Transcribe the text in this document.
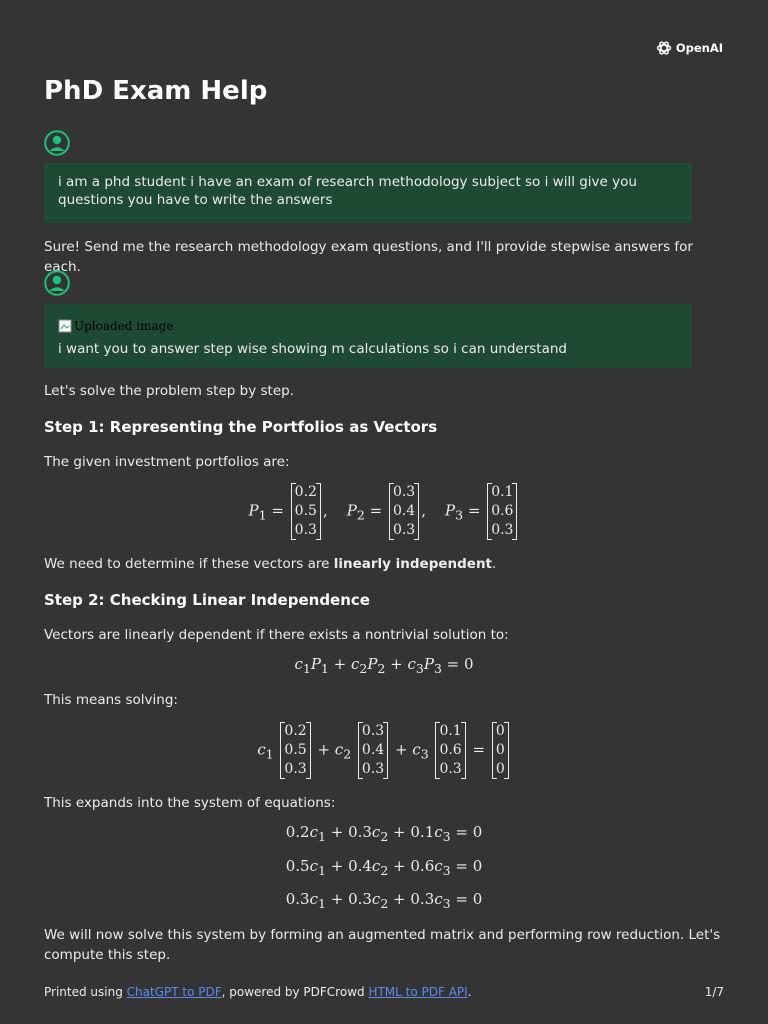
OpenAI
PhD Exam Help
i am a phd student i have an exam of research methodology subject so i will give you questions you have to write the answers

Sure! Send me the research methodology exam questions, and I'll provide stepwise answers for each.

Uploaded image
i want you to answer step wise showing m calculations so i can understand

Let's solve the problem step by step.

Step 1: Representing the Portfolios as Vectors

The given investment portfolios are:

$P_1$ =
0.2
0.5
0.3
,    $P_2$ =
0.3
0.4
0.3
,    $P_3$ =
0.1
0.6
0.3

We need to determine if these vectors are linearly independent.

Step 2: Checking Linear Independence

Vectors are linearly dependent if there exists a nontrivial solution to:

$c_1P_1 + c_2P_2 + c_3P_3 = 0$

This means solving:

$c_1$
0.2
0.5
0.3
+ $c_2$
0.3
0.4
0.3
+ $c_3$
0.1
0.6
0.3
=
0
0
0

This expands into the system of equations:

$0.2c_1 + 0.3c_2 + 0.1c_3 = 0$
$0.5c_1 + 0.4c_2 + 0.6c_3 = 0$
$0.3c_1 + 0.3c_2 + 0.3c_3 = 0$

We will now solve this system by forming an augmented matrix and performing row reduction. Let's compute this step.

Printed using ChatGPT to PDF, powered by PDFCrowd HTML to PDF API.	1/7
